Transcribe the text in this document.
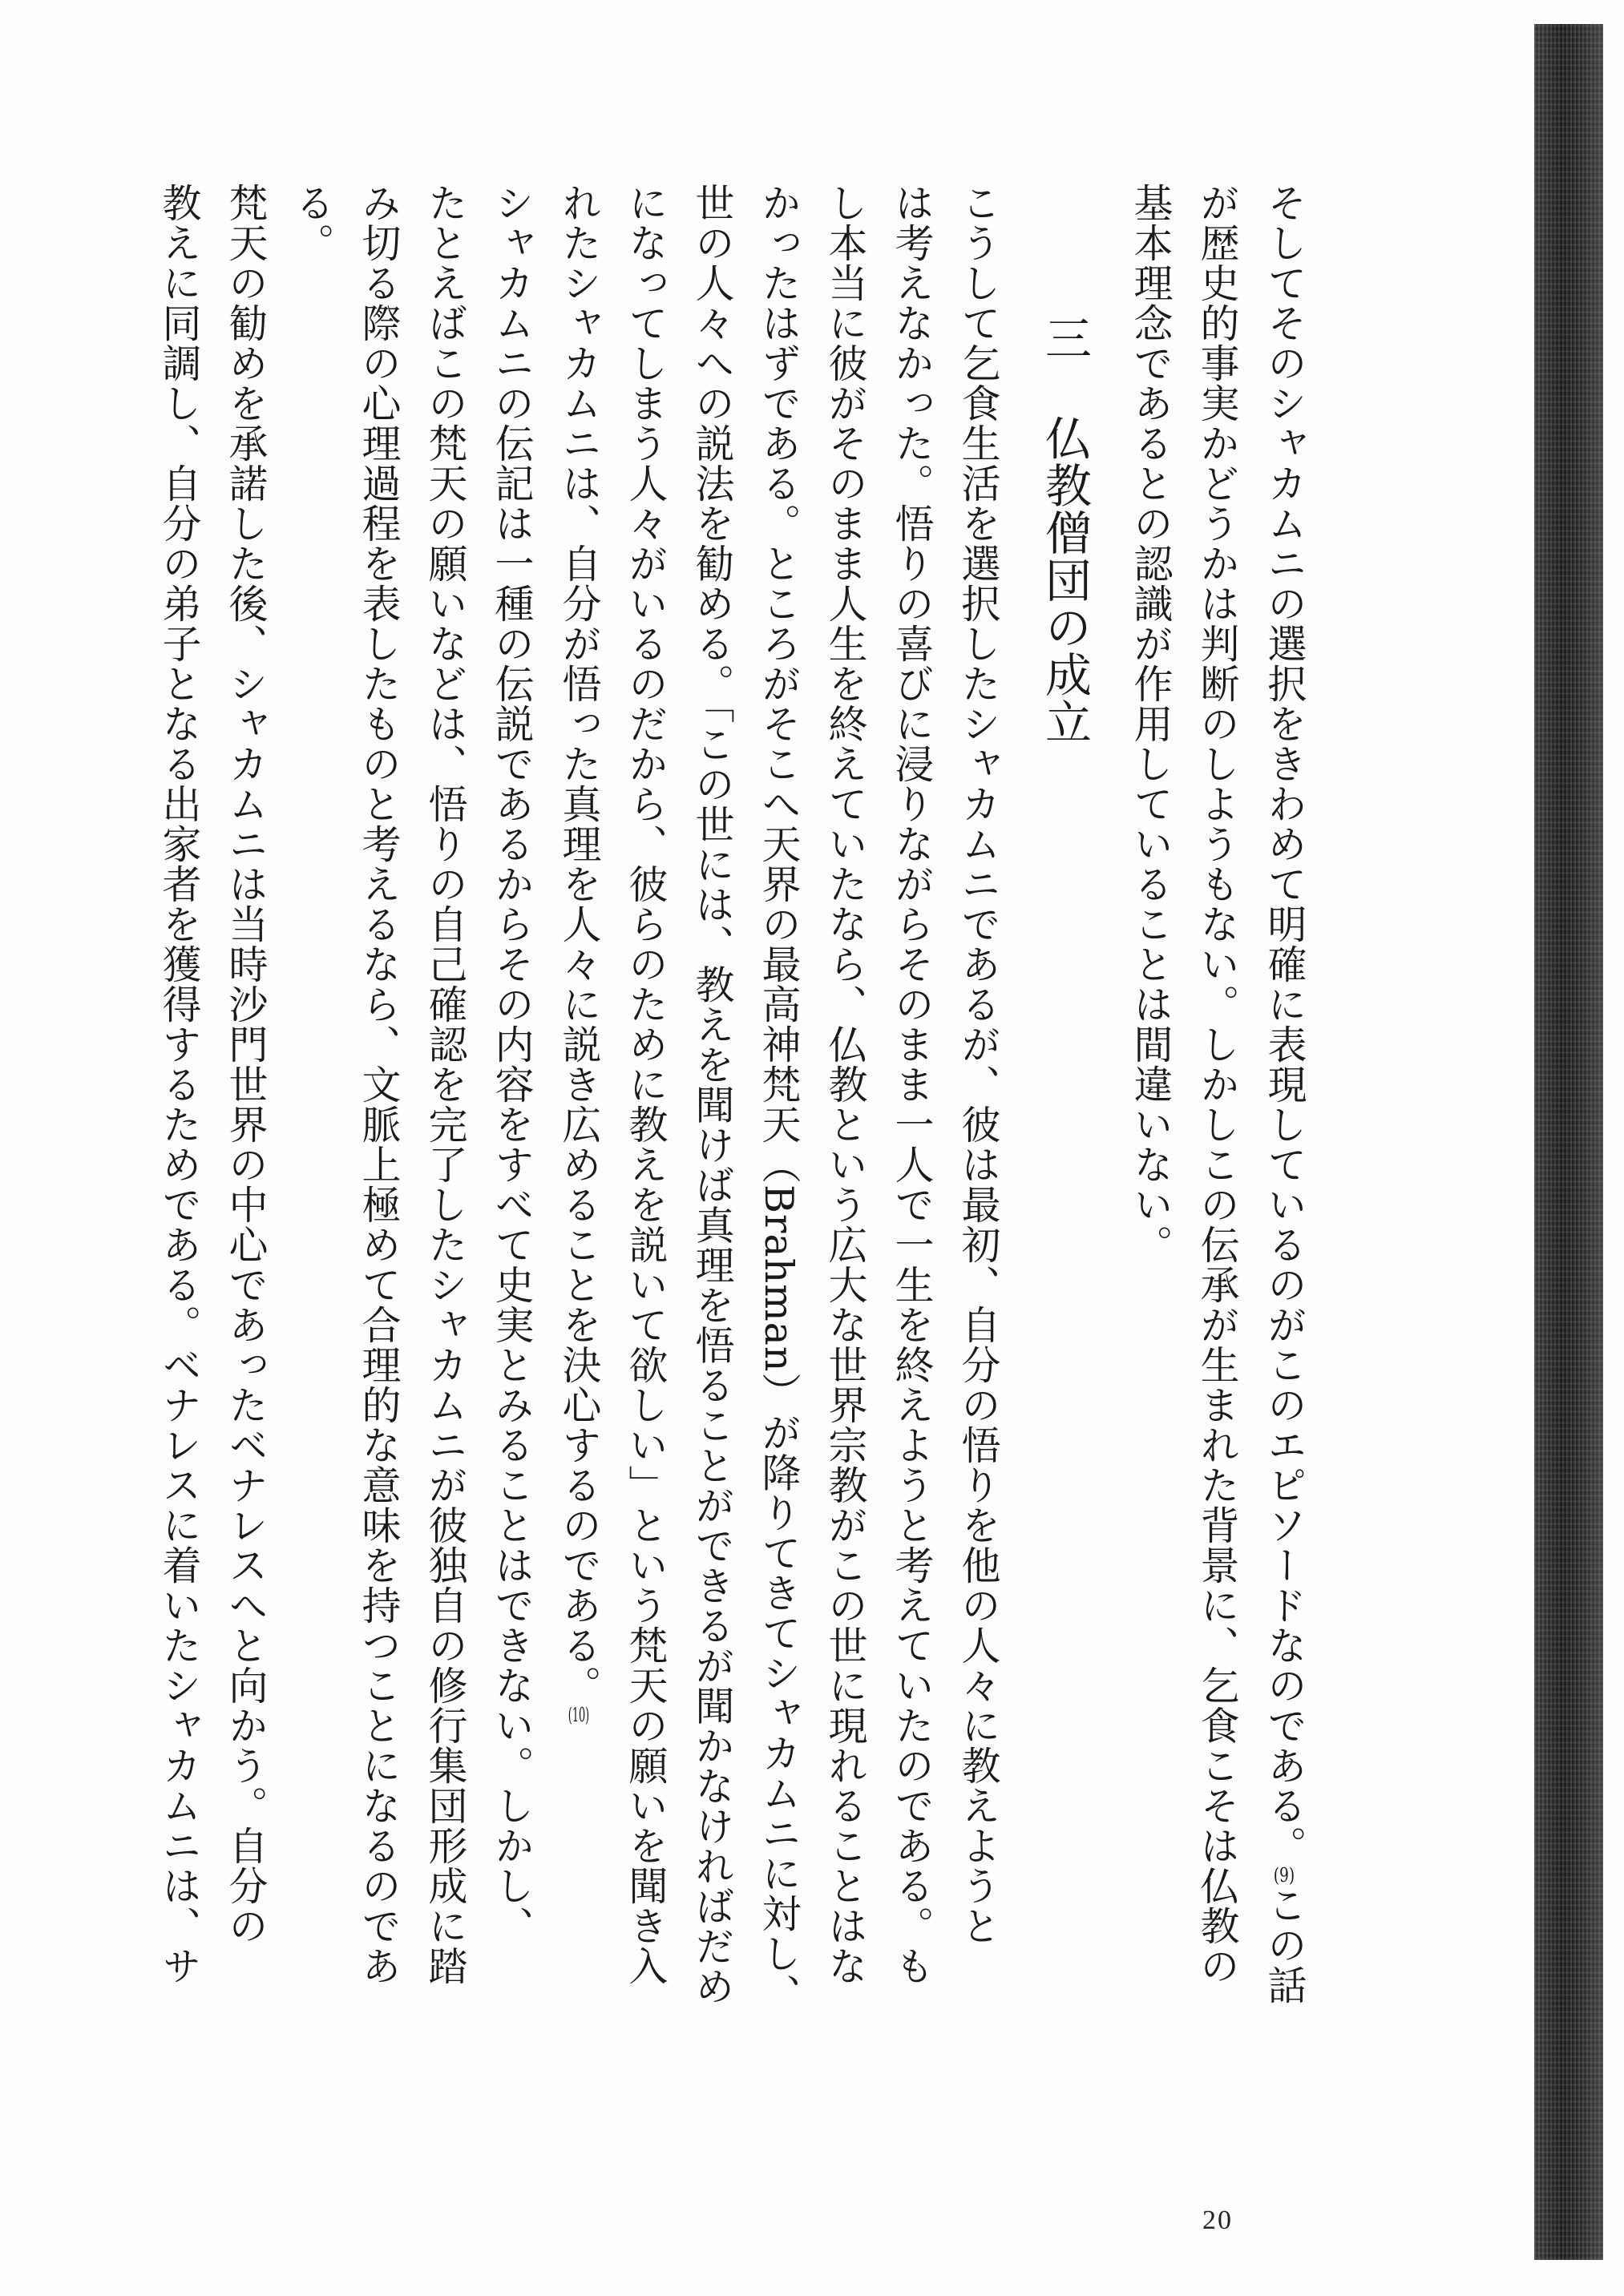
そしてそのシャカムニの選択をきわめて明確に表現しているのがこのエピソードなのである。(9)この話
が歴史的事実かどうかは判断のしようもない。しかしこの伝承が生まれた背景に、乞食こそは仏教の
基本理念であるとの認識が作用していることは間違いない。
三仏教僧団の成立
こうして乞食生活を選択したシャカムニであるが、彼は最初、自分の悟りを他の人々に教えようと
は考えなかった。悟りの喜びに浸りながらそのまま一人で一生を終えようと考えていたのである。も
し本当に彼がそのまま人生を終えていたなら、仏教という広大な世界宗教がこの世に現れることはな
かったはずである。ところがそこへ天界の最高神梵天（Brahman）が降りてきてシャカムニに対し、
世の人々への説法を勧める。「この世には、教えを聞けば真理を悟ることができるが聞かなければだめ
になってしまう人々がいるのだから、彼らのために教えを説いて欲しい」という梵天の願いを聞き入
れたシャカムニは、自分が悟った真理を人々に説き広めることを決心するのである。(10)
シャカムニの伝記は一種の伝説であるからその内容をすべて史実とみることはできない。しかし、
たとえばこの梵天の願いなどは、悟りの自己確認を完了したシャカムニが彼独自の修行集団形成に踏
み切る際の心理過程を表したものと考えるなら、文脈上極めて合理的な意味を持つことになるのであ
る。
梵天の勧めを承諾した後、シャカムニは当時沙門世界の中心であったベナレスへと向かう。自分の
教えに同調し、自分の弟子となる出家者を獲得するためである。ベナレスに着いたシャカムニは、サ
20
